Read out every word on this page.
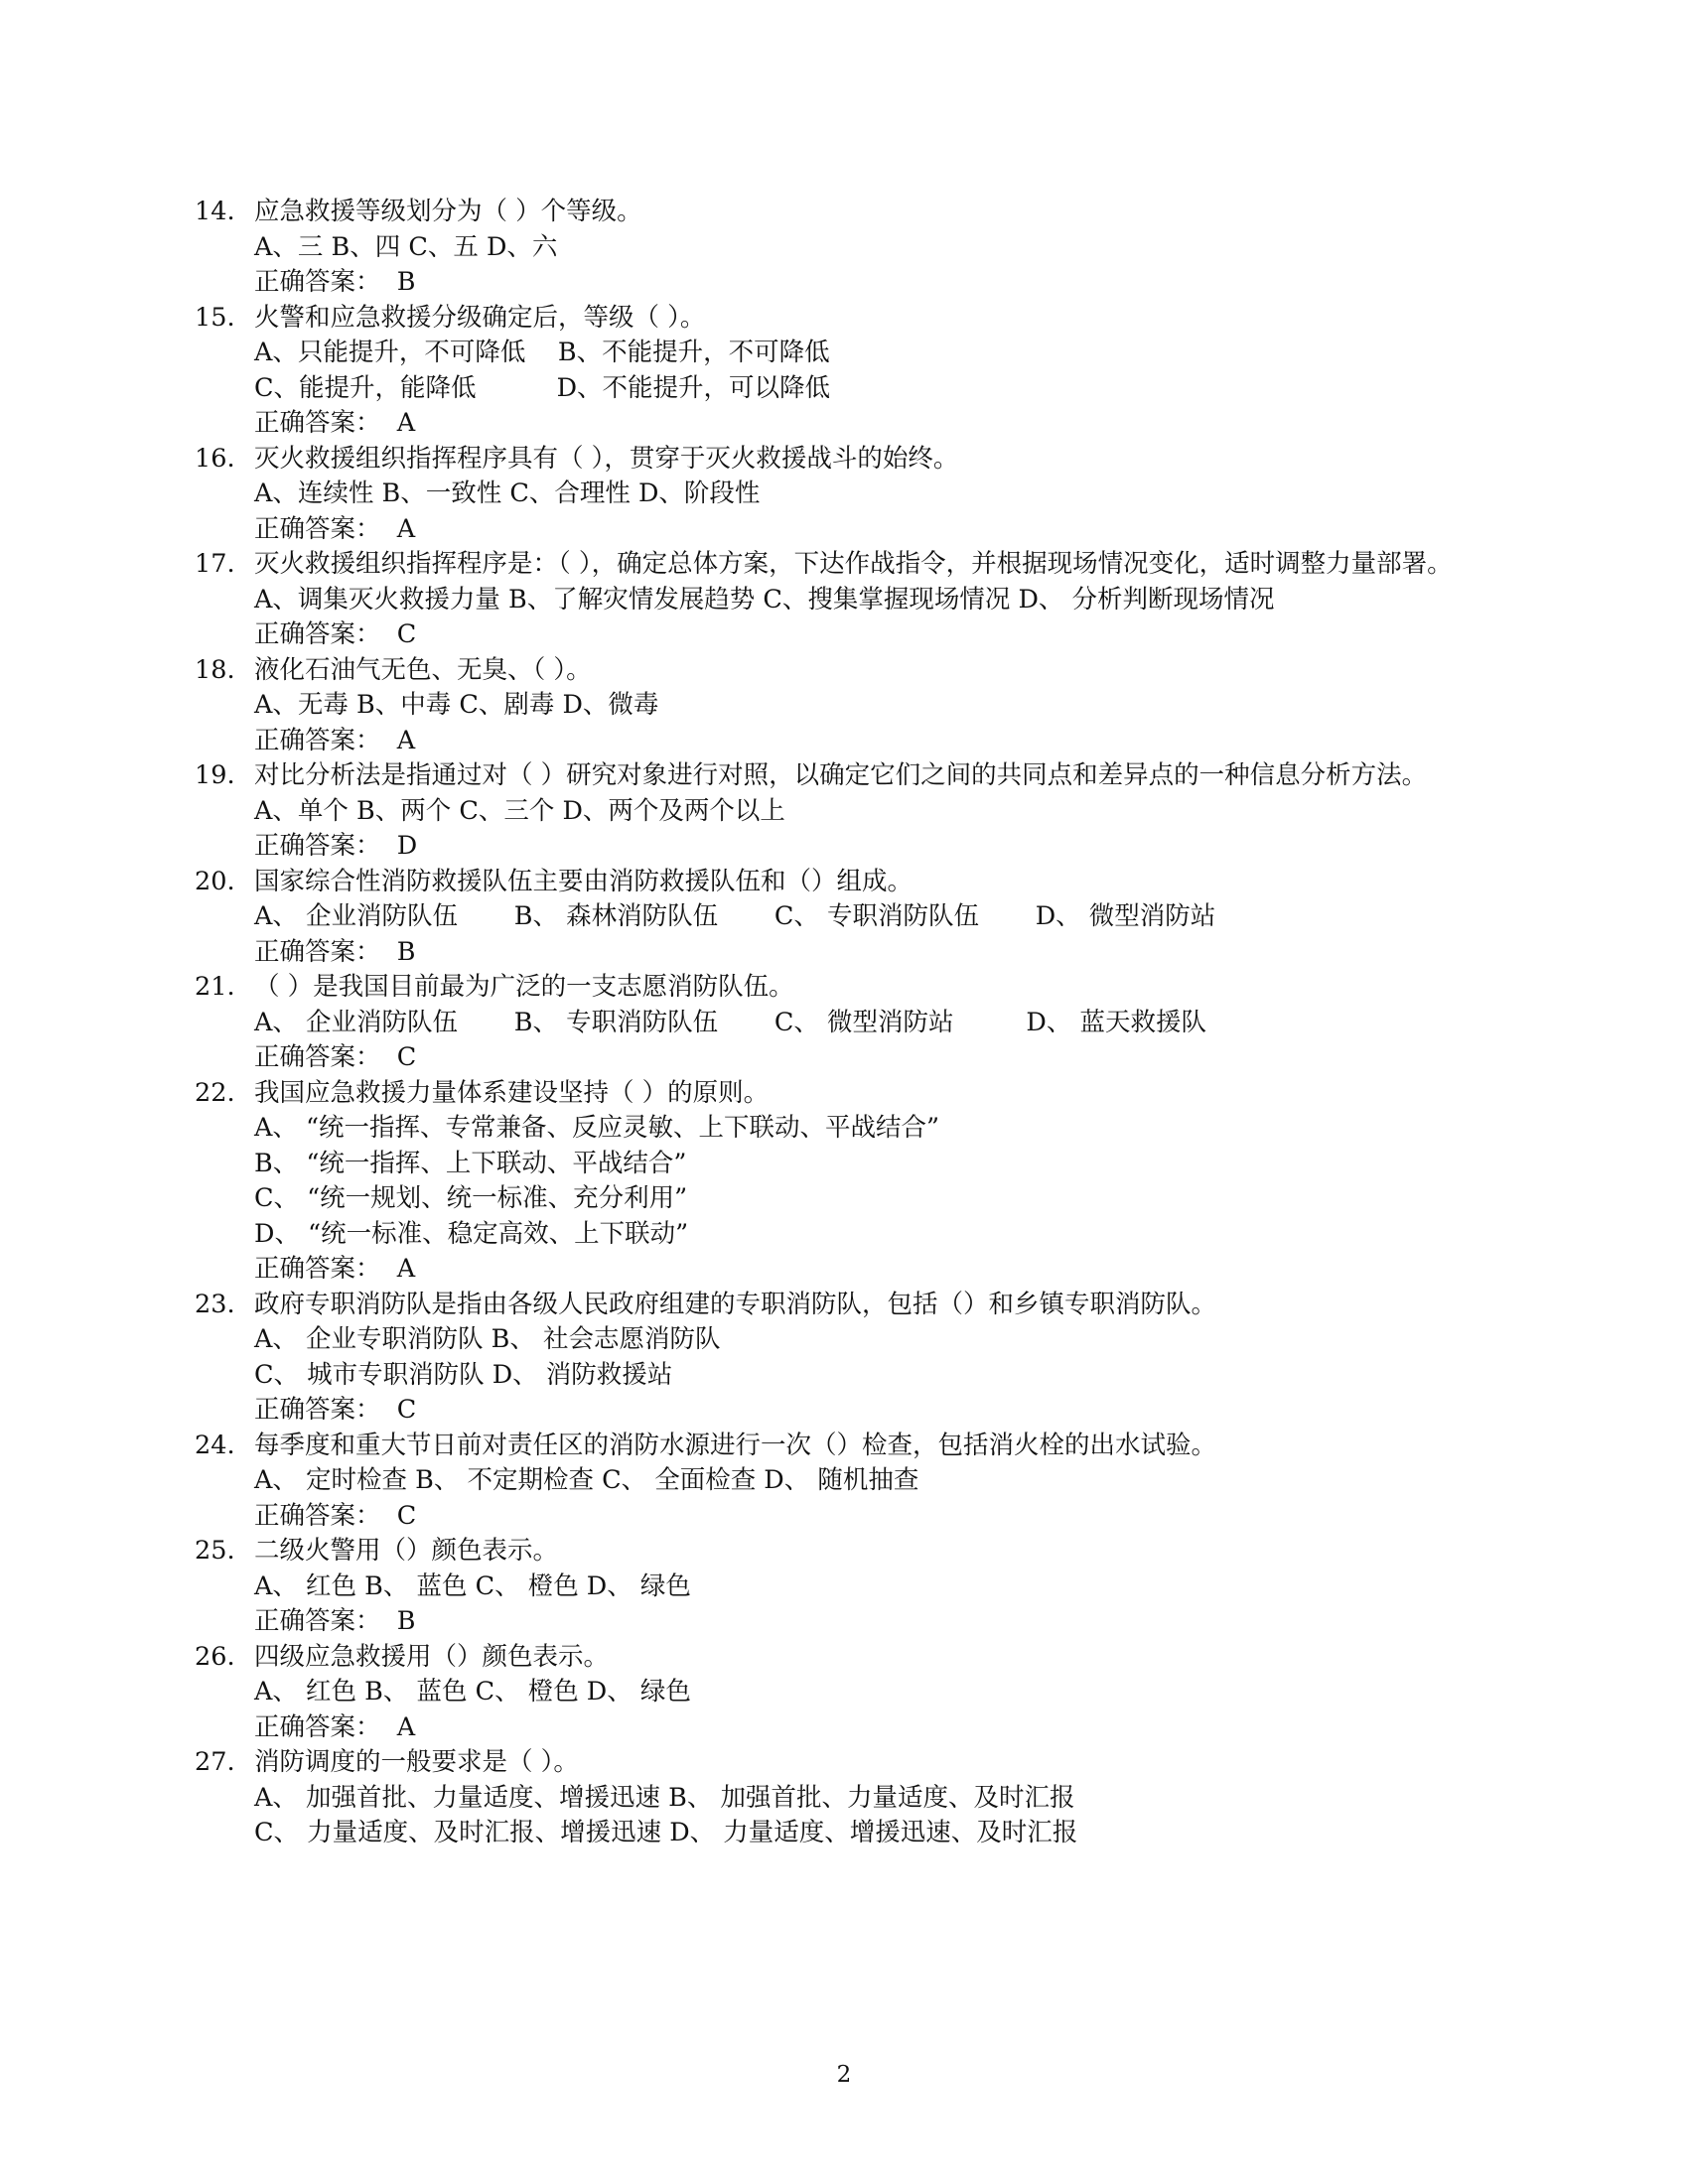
14. 应急救援等级划分为（ ）个等级。
A、三 B、四 C、五 D、六
正确答案： B
15. 火警和应急救援分级确定后，等级（ ）。
A、只能提升，不可降低    B、不能提升，不可降低
C、能提升，能降低          D、不能提升，可以降低
正确答案： A
16. 灭火救援组织指挥程序具有（ ），贯穿于灭火救援战斗的始终。
A、连续性 B、一致性 C、合理性 D、阶段性
正确答案： A
17. 灭火救援组织指挥程序是：（ ），确定总体方案，下达作战指令，并根据现场情况变化，适时调整力量部署。
A、调集灭火救援力量 B、了解灾情发展趋势 C、搜集掌握现场情况 D、 分析判断现场情况
正确答案： C
18. 液化石油气无色、无臭、（ ）。
A、无毒 B、中毒 C、剧毒 D、微毒
正确答案： A
19. 对比分析法是指通过对（ ）研究对象进行对照，以确定它们之间的共同点和差异点的一种信息分析方法。
A、单个 B、两个 C、三个 D、两个及两个以上
正确答案： D
20. 国家综合性消防救援队伍主要由消防救援队伍和（）组成。
A、 企业消防队伍       B、 森林消防队伍       C、 专职消防队伍       D、 微型消防站
正确答案： B
21. （ ）是我国目前最为广泛的一支志愿消防队伍。
A、 企业消防队伍       B、 专职消防队伍       C、 微型消防站         D、 蓝天救援队
正确答案： C
22. 我国应急救援力量体系建设坚持（ ）的原则。
A、 “统一指挥、专常兼备、反应灵敏、上下联动、平战结合”
B、 “统一指挥、上下联动、平战结合”
C、 “统一规划、统一标准、充分利用”
D、 “统一标准、稳定高效、上下联动”
正确答案： A
23. 政府专职消防队是指由各级人民政府组建的专职消防队，包括（）和乡镇专职消防队。
A、 企业专职消防队 B、 社会志愿消防队
C、 城市专职消防队 D、 消防救援站
正确答案： C
24. 每季度和重大节日前对责任区的消防水源进行一次（）检查，包括消火栓的出水试验。
A、 定时检查 B、 不定期检查 C、 全面检查 D、 随机抽查
正确答案： C
25. 二级火警用（）颜色表示。
A、 红色 B、 蓝色 C、 橙色 D、 绿色
正确答案： B
26. 四级应急救援用（）颜色表示。
A、 红色 B、 蓝色 C、 橙色 D、 绿色
正确答案： A
27. 消防调度的一般要求是（ ）。
A、 加强首批、力量适度、增援迅速 B、 加强首批、力量适度、及时汇报
C、 力量适度、及时汇报、增援迅速 D、 力量适度、增援迅速、及时汇报
2
